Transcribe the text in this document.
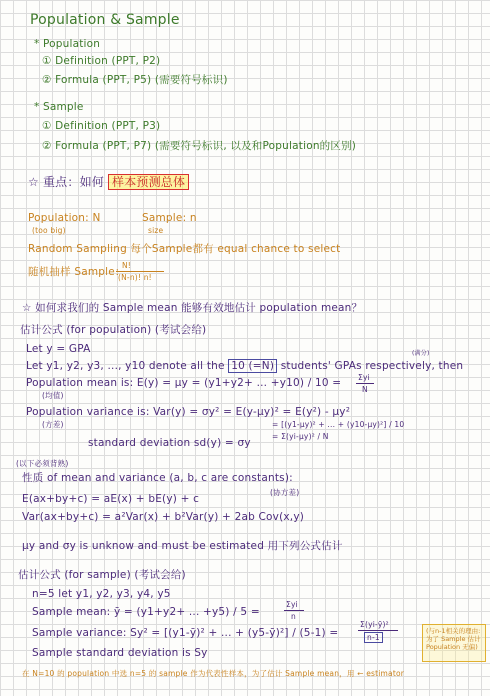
Population & Sample
* Population
① Definition (PPT, P2)
② Formula (PPT, P5) (需要符号标识)
* Sample
① Definition (PPT, P3)
② Formula (PPT, P7) (需要符号标识, 以及和Population的区别)
☆ 重点：如何 样本预测总体
Population: N
(too big)
Sample: n
size
Random Sampling 每个Sample都有 equal chance to select
随机抽样 Sample：
N!
(N-n)! n!
☆ 如何求我们的 Sample mean 能够有效地估计 population mean？
估计公式 (for population) (考试会给)
Let y = GPA	(满分)
Let y1, y2, y3, ..., y10 denote all the 10 (=N) students' GPAs respectively, then
Population mean is: E(y) = μy = (y1+y2+ ... +y10) / 10 = Σyi
N
(均值)
Population variance is: Var(y) = σy² = E(y-μy)² = E(y²) - μy²
(方差)	= [(y1-μy)² + ... + (y10-μy)²] / 10
= Σ(yi-μy)² / N
standard deviation sd(y) = σy
(以下必须背熟)
性质 of mean and variance (a, b, c are constants):
(协方差)
E(ax+by+c) = aE(x) + bE(y) + c
Var(ax+by+c) = a²Var(x) + b²Var(y) + 2ab Cov(x,y)
μy and σy is unknow and must be estimated 用下列公式估计
估计公式 (for sample) (考试会给)
n=5 let y1, y2, y3, y4, y5
Sample mean: ȳ = (y1+y2+ ... +y5) / 5 =
Σyi
n
Sample variance: Sy² = [(y1-ȳ)² + ... + (y5-ȳ)²] / (5-1) =
Σ(yi-ȳ)²
n-1
Sample standard deviation is Sy
在 N=10 的 population 中选 n=5 的 sample 作为代表性样本，为了估计 Sample mean，用 ← estimator
(与n-1相关的理由: 为了 Sample 估计 Population 无偏)
